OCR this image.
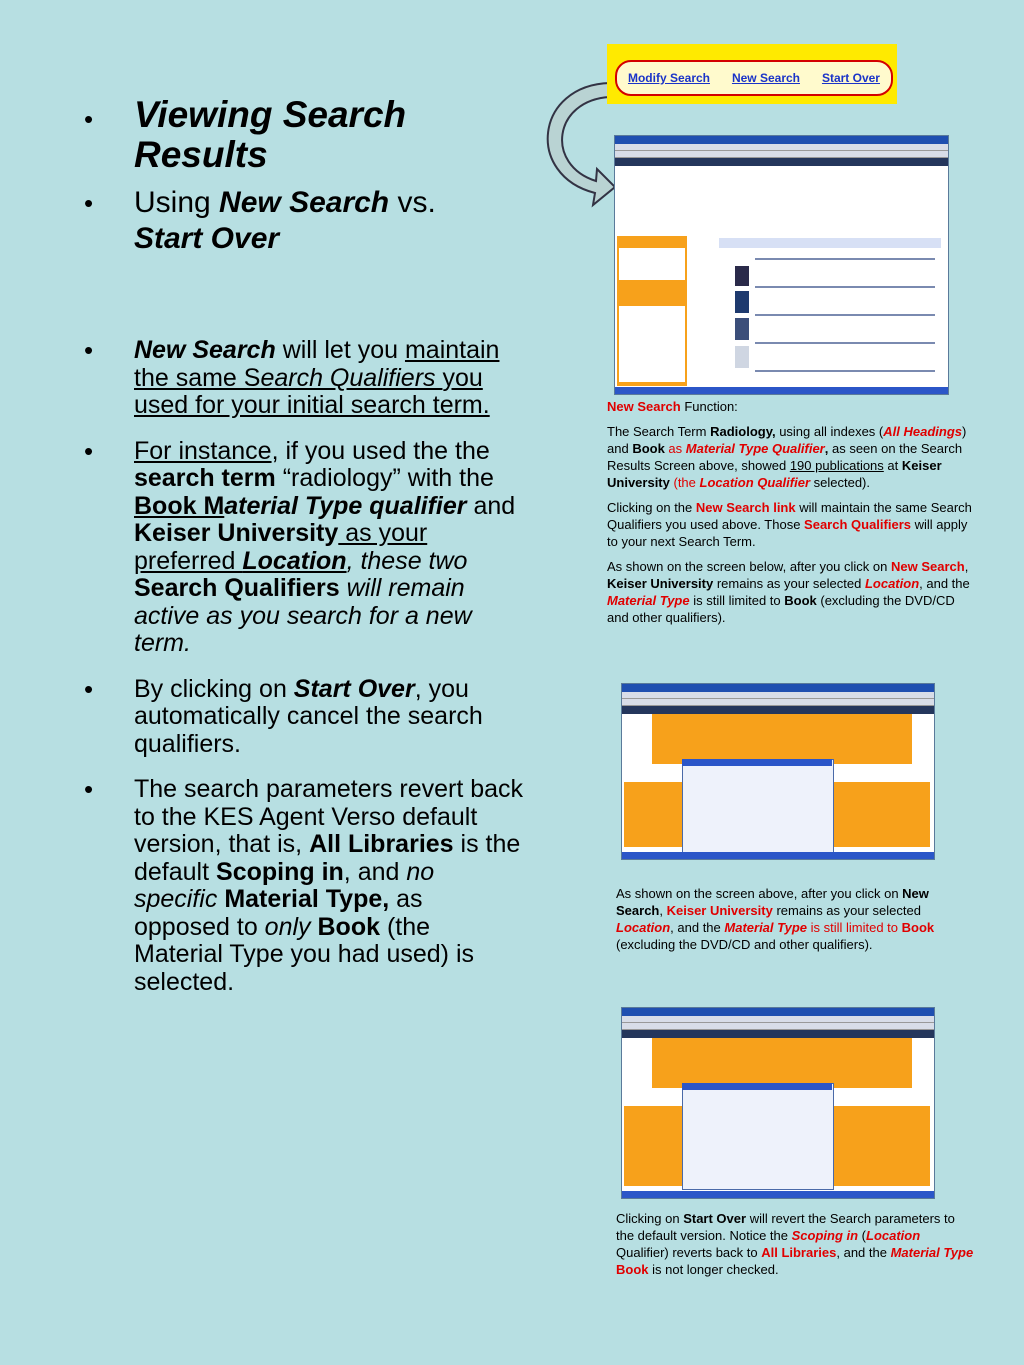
• Viewing Search Results
• Using New Search vs.
Start Over
• New Search will let you maintain the same Search Qualifiers you used for your initial search term.
• For instance, if you used the the search term “radiology” with the Book Material Type qualifier and Keiser University as your preferred Location, these two Search Qualifiers will remain active as you search for a new term.
• By clicking on Start Over, you automatically cancel the search qualifiers.
• The search parameters revert back to the KES Agent Verso default version, that is, All Libraries is the default Scoping in, and no specific Material Type, as opposed to only Book (the Material Type you had used) is selected.
Modify Search New Search Start Over

New Search Function:

The Search Term Radiology, using all indexes (All Headings) and Book as Material Type Qualifier, as seen on the Search Results Screen above, showed 190 publications at Keiser University (the Location Qualifier selected).

Clicking on the New Search link will maintain the same Search Qualifiers you used above. Those Search Qualifiers will apply to your next Search Term.

As shown on the screen below, after you click on New Search, Keiser University remains as your selected Location, and the Material Type is still limited to Book (excluding the DVD/CD and other qualifiers).

As shown on the screen above, after you click on New Search, Keiser University remains as your selected Location, and the Material Type is still limited to Book (excluding the DVD/CD and other qualifiers).

Clicking on Start Over will revert the Search parameters to the default version. Notice the Scoping in (Location Qualifier) reverts back to All Libraries, and the Material Type Book is not longer checked.
